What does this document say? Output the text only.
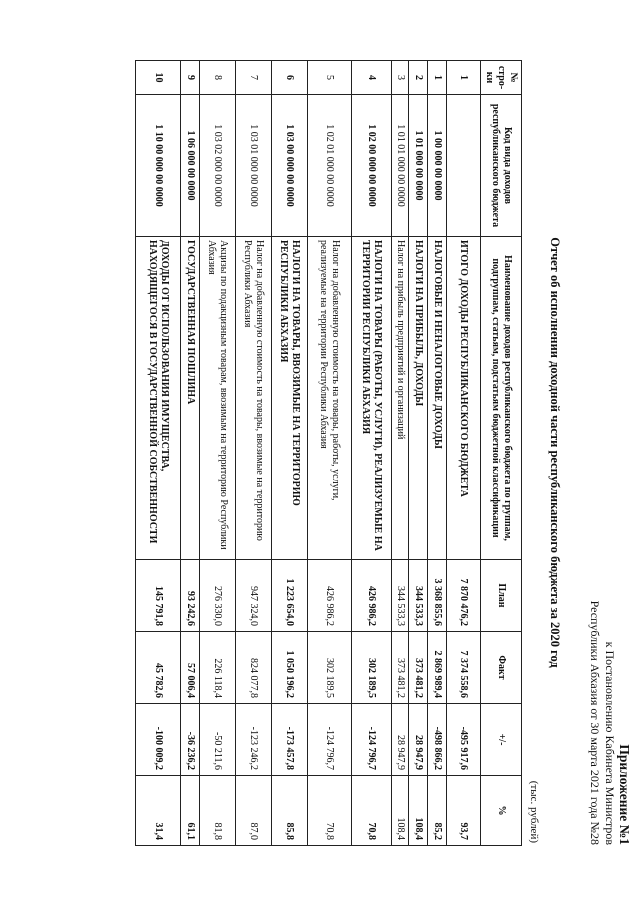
Приложение №1
к Постановлению Кабинета Министров
Республики Абхазия от 30 марта 2021 года №28
Отчет об исполнении доходной части республиканского бюджета за 2020 год
(тыс. рублей)
№ стро-ки	Код вида доходов республиканского бюджета	Наименование доходов республиканского бюджета по группам, подгруппам, статьям, подстатьям бюджетной классификации	План	Факт	+/-	%
1		ИТОГО ДОХОДЫ РЕСПУБЛИКАНСКОГО БЮДЖЕТА	7 870 476,2	7 374 558,6	-495 917,6	93,7
1	1 00 000 00 0000	НАЛОГОВЫЕ И НЕНАЛОГОВЫЕ ДОХОДЫ	3 368 855,6	2 869 989,4	-498 866,2	85,2
2	1 01 000 00 0000	НАЛОГИ НА ПРИБЫЛЬ, ДОХОДЫ	344 533,3	373 481,2	28 947,9	108,4
3	1 01 01 000 00 0000	Налог на прибыль предприятий и организаций	344 533,3	373 481,2	28 947,9	108,4
4	1 02 00 000 00 0000	НАЛОГИ НА ТОВАРЫ (РАБОТЫ, УСЛУГИ), РЕАЛИЗУЕМЫЕ НА ТЕРРИТОРИИ РЕСПУБЛИКИ АБХАЗИЯ	426 986,2	302 189,5	-124 796,7	70,8
5	1 02 01 000 00 0000	Налог на добавленную стоимость на товары, работы, услуги, реализуемые на территории Республики Абхазия	426 986,2	302 189,5	-124 796,7	70,8
6	1 03 00 000 00 0000	НАЛОГИ НА ТОВАРЫ, ВВОЗИМЫЕ НА ТЕРРИТОРИЮ РЕСПУБЛИКИ АБХАЗИЯ	1 223 654,0	1 050 196,2	-173 457,8	85,8
7	1 03 01 000 00 0000	Налог на добавленную стоимость на товары, ввозимые на территорию Республики Абхазия	947 324,0	824 077,8	-123 246,2	87,0
8	1 03 02 000 00 0000	Акцизы по подакцизным товарам, ввозимым на территорию Республики Абхазия	276 330,0	226 118,4	-50 211,6	81,8
9	1 06 000 00 0000	ГОСУДАРСТВЕННАЯ ПОШЛИНА	93 242,6	57 006,4	-36 236,2	61,1
10	1 10 00 000 00 0000	ДОХОДЫ ОТ ИСПОЛЬЗОВАНИЯ ИМУЩЕСТВА, НАХОДЯЩЕГОСЯ В ГОСУДАРСТВЕННОЙ СОБСТВЕННОСТИ	145 791,8	45 782,6	-100 009,2	31,4
